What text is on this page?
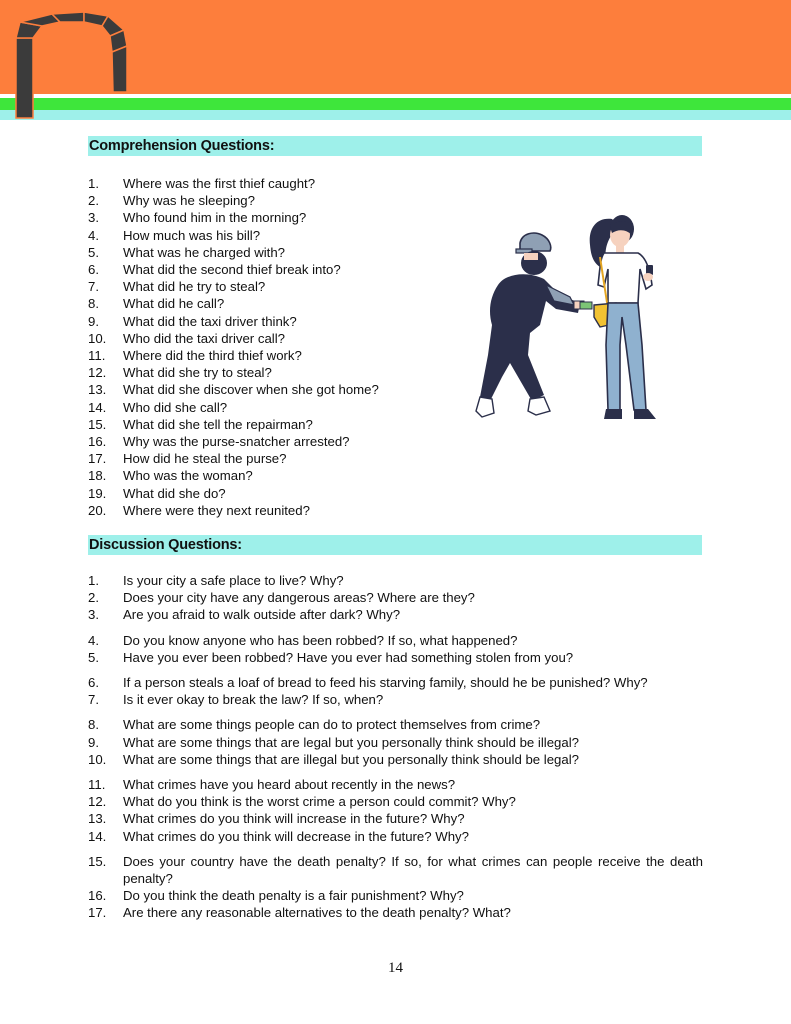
Comprehension Questions:
1. Where was the first thief caught?
2. Why was he sleeping?
3. Who found him in the morning?
4. How much was his bill?
5. What was he charged with?
6. What did the second thief break into?
7. What did he try to steal?
8. What did he call?
9. What did the taxi driver think?
10. Who did the taxi driver call?
11. Where did the third thief work?
12. What did she try to steal?
13. What did she discover when she got home?
14. Who did she call?
15. What did she tell the repairman?
16. Why was the purse-snatcher arrested?
17. How did he steal the purse?
18. Who was the woman?
19. What did she do?
20. Where were they next reunited?
Discussion Questions:
1. Is your city a safe place to live? Why?
2. Does your city have any dangerous areas? Where are they?
3. Are you afraid to walk outside after dark? Why?
4. Do you know anyone who has been robbed? If so, what happened?
5. Have you ever been robbed? Have you ever had something stolen from you?
6. If a person steals a loaf of bread to feed his starving family, should he be punished? Why?
7. Is it ever okay to break the law? If so, when?
8. What are some things people can do to protect themselves from crime?
9. What are some things that are legal but you personally think should be illegal?
10. What are some things that are illegal but you personally think should be legal?
11. What crimes have you heard about recently in the news?
12. What do you think is the worst crime a person could commit? Why?
13. What crimes do you think will increase in the future? Why?
14. What crimes do you think will decrease in the future? Why?
15. Does your country have the death penalty? If so, for what crimes can people receive the death penalty?
16. Do you think the death penalty is a fair punishment? Why?
17. Are there any reasonable alternatives to the death penalty? What?
14
